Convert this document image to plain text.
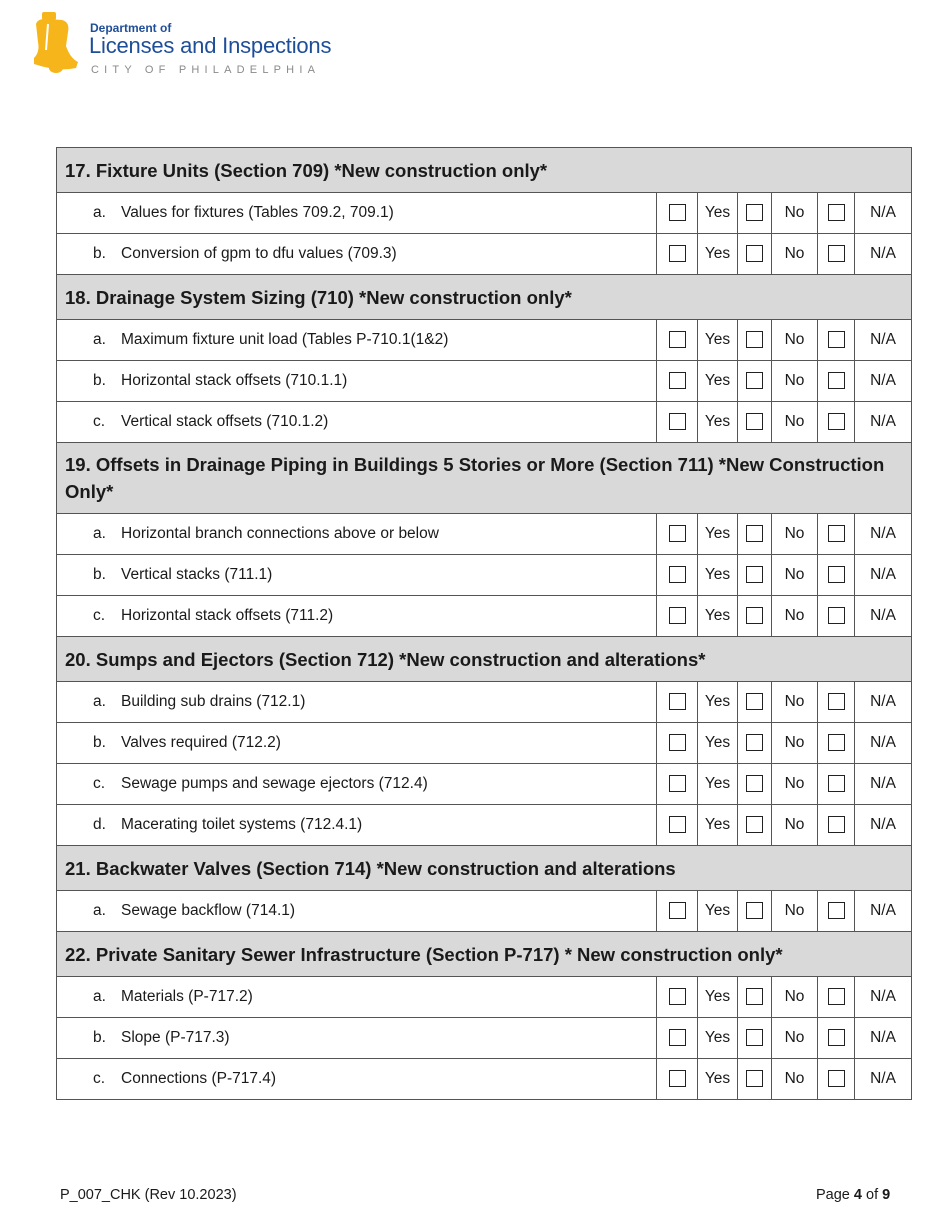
Department of
Licenses and Inspections
CITY OF PHILADELPHIA
17. Fixture Units (Section 709) *New construction only*						
a. Values for fixtures (Tables 709.2, 709.1)		Yes		No		N/A
b. Conversion of gpm to dfu values (709.3)		Yes		No		N/A
18. Drainage System Sizing (710) *New construction only*						
a. Maximum fixture unit load (Tables P-710.1(1&2)		Yes		No		N/A
b. Horizontal stack offsets (710.1.1)		Yes		No		N/A
c. Vertical stack offsets (710.1.2)		Yes		No		N/A
19. Offsets in Drainage Piping in Buildings 5 Stories or More (Section 711) *New Construction Only*						
a. Horizontal branch connections above or below		Yes		No		N/A
b. Vertical stacks (711.1)		Yes		No		N/A
c. Horizontal stack offsets (711.2)		Yes		No		N/A
20. Sumps and Ejectors (Section 712) *New construction and alterations*						
a. Building sub drains (712.1)		Yes		No		N/A
b. Valves required (712.2)		Yes		No		N/A
c. Sewage pumps and sewage ejectors (712.4)		Yes		No		N/A
d. Macerating toilet systems (712.4.1)		Yes		No		N/A
21. Backwater Valves (Section 714) *New construction and alterations						
a. Sewage backflow (714.1)		Yes		No		N/A
22. Private Sanitary Sewer Infrastructure (Section P-717) * New construction only*						
a. Materials (P-717.2)		Yes		No		N/A
b. Slope (P-717.3)		Yes		No		N/A
c. Connections (P-717.4)		Yes		No		N/A
P_007_CHK (Rev 10.2023)	Page 4 of 9
